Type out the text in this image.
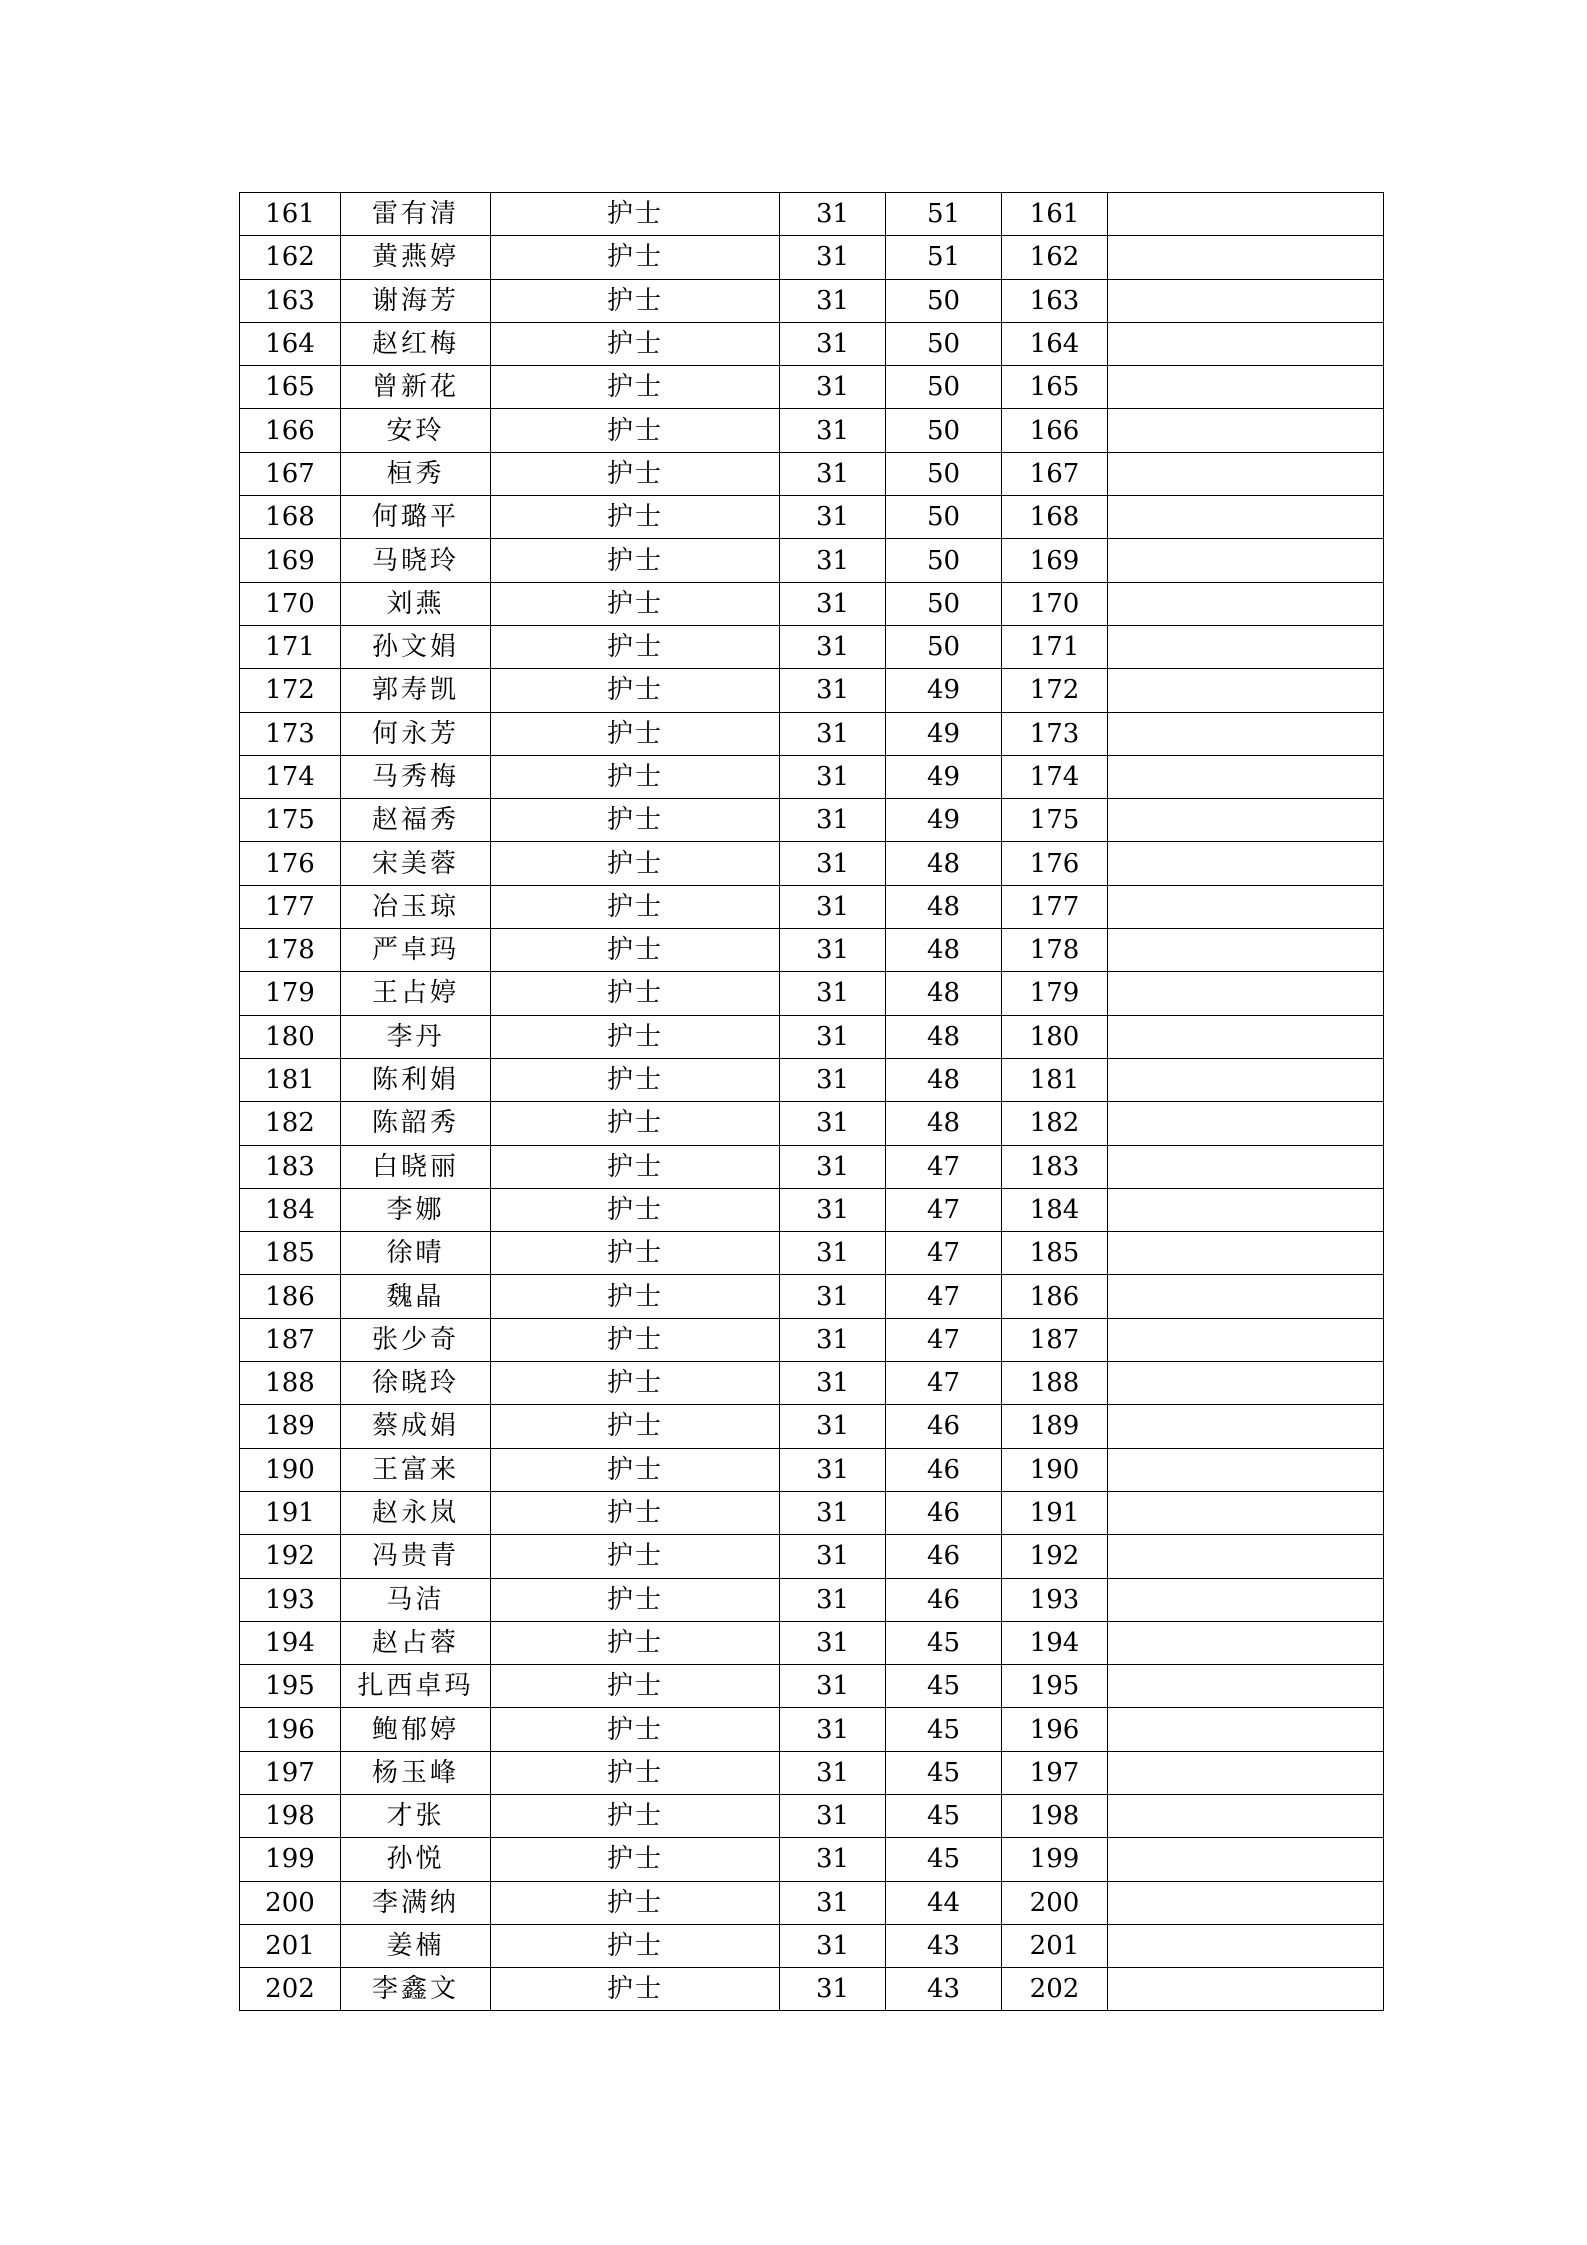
161	雷有清	护士	31	51	161	
162	黄燕婷	护士	31	51	162	
163	谢海芳	护士	31	50	163	
164	赵红梅	护士	31	50	164	
165	曾新花	护士	31	50	165	
166	安玲	护士	31	50	166	
167	桓秀	护士	31	50	167	
168	何璐平	护士	31	50	168	
169	马晓玲	护士	31	50	169	
170	刘燕	护士	31	50	170	
171	孙文娟	护士	31	50	171	
172	郭寿凯	护士	31	49	172	
173	何永芳	护士	31	49	173	
174	马秀梅	护士	31	49	174	
175	赵福秀	护士	31	49	175	
176	宋美蓉	护士	31	48	176	
177	冶玉琼	护士	31	48	177	
178	严卓玛	护士	31	48	178	
179	王占婷	护士	31	48	179	
180	李丹	护士	31	48	180	
181	陈利娟	护士	31	48	181	
182	陈韶秀	护士	31	48	182	
183	白晓丽	护士	31	47	183	
184	李娜	护士	31	47	184	
185	徐晴	护士	31	47	185	
186	魏晶	护士	31	47	186	
187	张少奇	护士	31	47	187	
188	徐晓玲	护士	31	47	188	
189	蔡成娟	护士	31	46	189	
190	王富来	护士	31	46	190	
191	赵永岚	护士	31	46	191	
192	冯贵青	护士	31	46	192	
193	马洁	护士	31	46	193	
194	赵占蓉	护士	31	45	194	
195	扎西卓玛	护士	31	45	195	
196	鲍郁婷	护士	31	45	196	
197	杨玉峰	护士	31	45	197	
198	才张	护士	31	45	198	
199	孙悦	护士	31	45	199	
200	李满纳	护士	31	44	200	
201	姜楠	护士	31	43	201	
202	李鑫文	护士	31	43	202	
